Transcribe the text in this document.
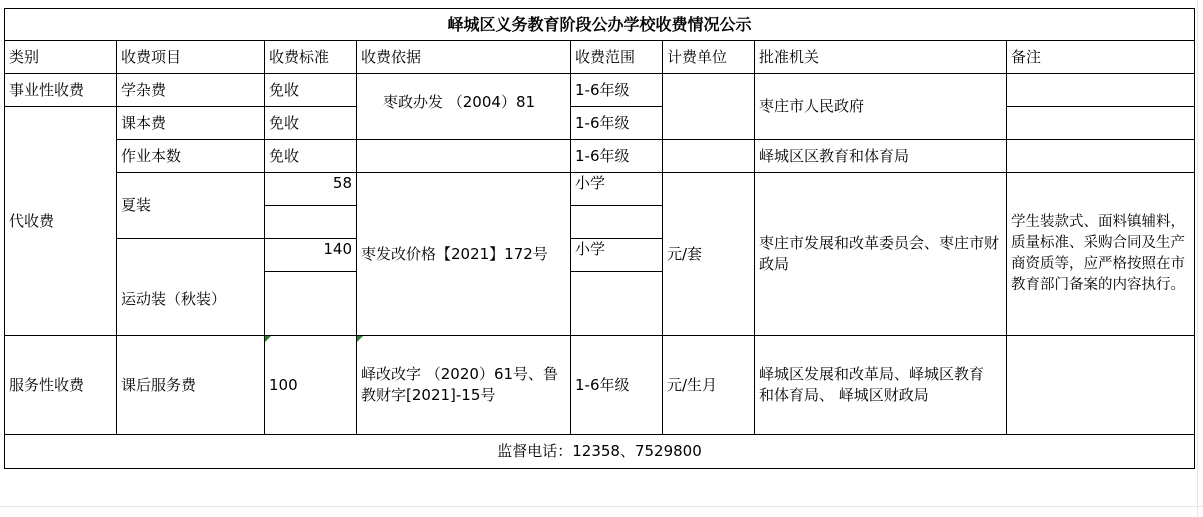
峄城区义务教育阶段公办学校收费情况公示							
类别	收费项目	收费标准	收费依据	收费范围	计费单位	批准机关	备注
事业性收费	学杂费	免收	枣政办发 （2004）81	1-6年级		枣庄市人民政府	
代收费	课本费	免收		1-6年级			
	作业本数	免收		1-6年级		峄城区区教育和体育局	
	夏装	58	枣发改价格【2021】172号	小学	元/套	枣庄市发展和改革委员会、枣庄市财政局	学生装款式、面料镇辅料，质量标准、采购合同及生产商资质等，应严格按照在市教育部门备案的内容执行。

	运动装（秋装）	140		小学			

服务性收费	课后服务费	100	峄改改字 （2020）61号、鲁教财字[2021]-15号	1-6年级	元/生月	峄城区发展和改革局、峄城区教育和体育局、 峄城区财政局	
监督电话：12358、7529800							
